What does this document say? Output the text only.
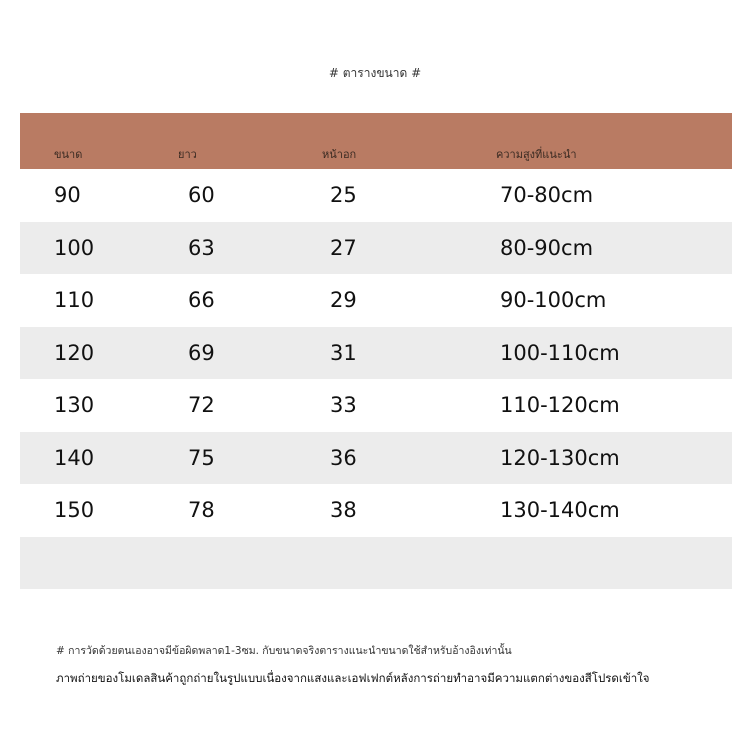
# ตารางขนาด #
ขนาด	ยาว	หน้าอก	ความสูงที่แนะนำ
90	60	25	70-80cm
100	63	27	80-90cm
110	66	29	90-100cm
120	69	31	100-110cm
130	72	33	110-120cm
140	75	36	120-130cm
150	78	38	130-140cm
# การวัดด้วยตนเองอาจมีข้อผิดพลาด1-3ซม. กับขนาดจริงตารางแนะนำขนาดใช้สำหรับอ้างอิงเท่านั้น
ภาพถ่ายของโมเดลสินค้าถูกถ่ายในรูปแบบเนื่องจากแสงและเอฟเฟกต์หลังการถ่ายทำอาจมีความแตกต่างของสีโปรดเข้าใจ
